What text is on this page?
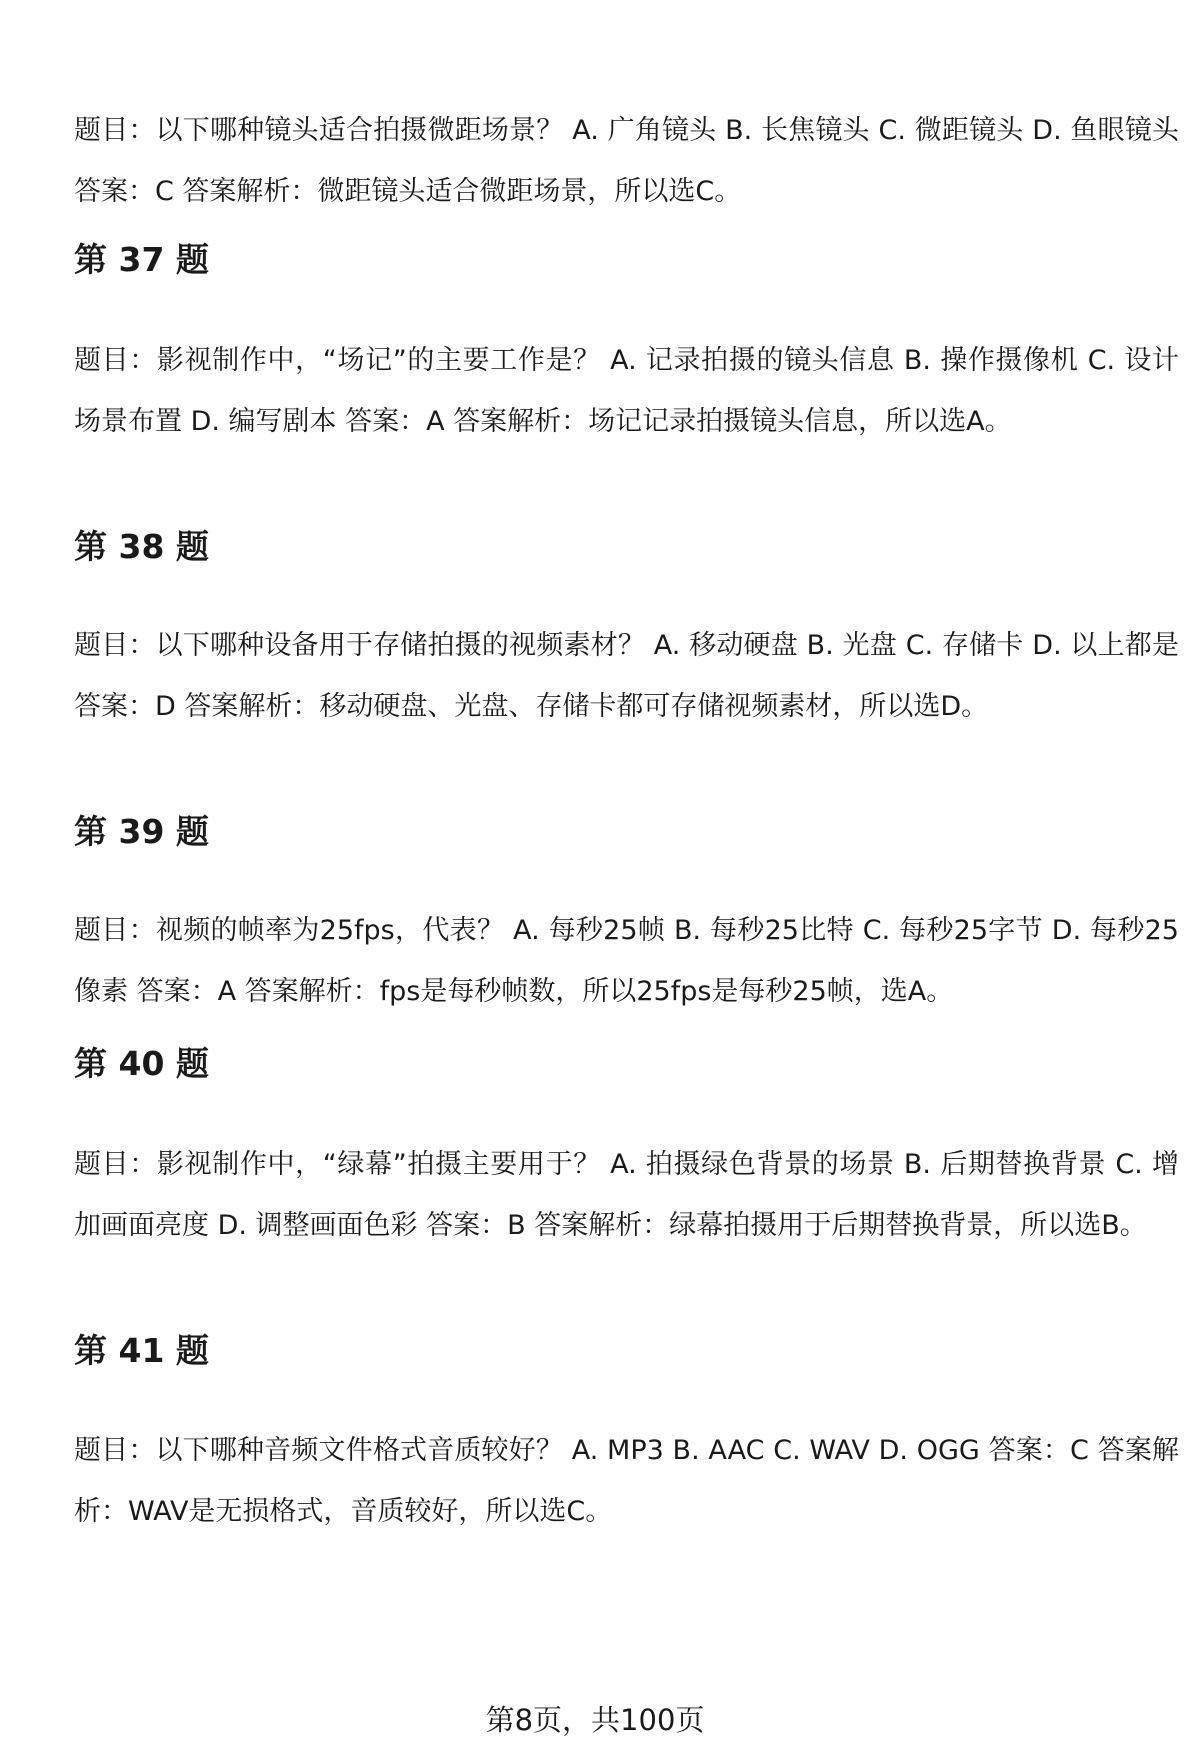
题目：以下哪种镜头适合拍摄微距场景？ A. 广角镜头 B. 长焦镜头 C. 微距镜头 D. 鱼眼镜头 答案：C 答案解析：微距镜头适合微距场景，所以选C。

第 37 题

题目：影视制作中，“场记”的主要工作是？ A. 记录拍摄的镜头信息 B. 操作摄像机 C. 设计场景布置 D. 编写剧本 答案：A 答案解析：场记记录拍摄镜头信息，所以选A。

第 38 题

题目：以下哪种设备用于存储拍摄的视频素材？ A. 移动硬盘 B. 光盘 C. 存储卡 D. 以上都是 答案：D 答案解析：移动硬盘、光盘、存储卡都可存储视频素材，所以选D。

第 39 题

题目：视频的帧率为25fps，代表？ A. 每秒25帧 B. 每秒25比特 C. 每秒25字节 D. 每秒25像素 答案：A 答案解析：fps是每秒帧数，所以25fps是每秒25帧，选A。

第 40 题

题目：影视制作中，“绿幕”拍摄主要用于？ A. 拍摄绿色背景的场景 B. 后期替换背景 C. 增加画面亮度 D. 调整画面色彩 答案：B 答案解析：绿幕拍摄用于后期替换背景，所以选B。

第 41 题

题目：以下哪种音频文件格式音质较好？ A. MP3 B. AAC C. WAV D. OGG 答案：C 答案解析：WAV是无损格式，音质较好，所以选C。

第8页，共100页
